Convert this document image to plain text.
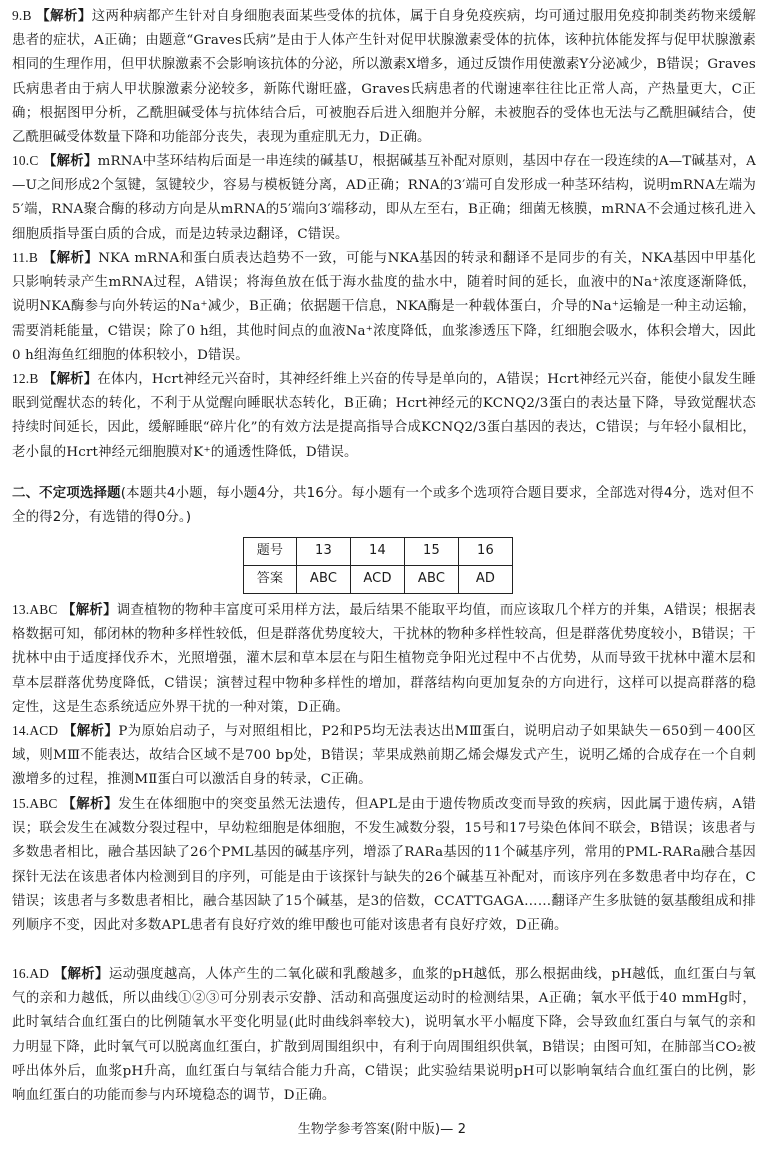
9.B 【解析】这两种病都产生针对自身细胞表面某些受体的抗体，属于自身免疫疾病，均可通过服用免疫抑制类药物来缓解患者的症状，A正确；由题意“Graves氏病”是由于人体产生针对促甲状腺激素受体的抗体，该种抗体能发挥与促甲状腺激素相同的生理作用，但甲状腺激素不会影响该抗体的分泌，所以激素X增多，通过反馈作用使激素Y分泌减少，B错误；Graves氏病患者由于病人甲状腺激素分泌较多，新陈代谢旺盛，Graves氏病患者的代谢速率往往比正常人高，产热量更大，C正确；根据图甲分析，乙酰胆碱受体与抗体结合后，可被胞吞后进入细胞并分解，未被胞吞的受体也无法与乙酰胆碱结合，使乙酰胆碱受体数量下降和功能部分丧失，表现为重症肌无力，D正确。
10.C 【解析】mRNA中茎环结构后面是一串连续的碱基U，根据碱基互补配对原则，基因中存在一段连续的A—T碱基对，A—U之间形成2个氢键，氢键较少，容易与模板链分离，AD正确；RNA的3′端可自发形成一种茎环结构，说明mRNA左端为5′端，RNA聚合酶的移动方向是从mRNA的5′端向3′端移动，即从左至右，B正确；细菌无核膜，mRNA不会通过核孔进入细胞质指导蛋白质的合成，而是边转录边翻译，C错误。
11.B 【解析】NKA mRNA和蛋白质表达趋势不一致，可能与NKA基因的转录和翻译不是同步的有关，NKA基因中甲基化只影响转录产生mRNA过程，A错误；将海鱼放在低于海水盐度的盐水中，随着时间的延长，血液中的Na⁺浓度逐渐降低，说明NKA酶参与向外转运的Na⁺减少，B正确；依据题干信息，NKA酶是一种载体蛋白，介导的Na⁺运输是一种主动运输，需要消耗能量，C错误；除了0 h组，其他时间点的血液Na⁺浓度降低，血浆渗透压下降，红细胞会吸水，体积会增大，因此0 h组海鱼红细胞的体积较小，D错误。
12.B 【解析】在体内，Hcrt神经元兴奋时，其神经纤维上兴奋的传导是单向的，A错误；Hcrt神经元兴奋，能使小鼠发生睡眠到觉醒状态的转化，不利于从觉醒向睡眠状态转化，B正确；Hcrt神经元的KCNQ2/3蛋白的表达量下降，导致觉醒状态持续时间延长，因此，缓解睡眠“碎片化”的有效方法是提高指导合成KCNQ2/3蛋白基因的表达，C错误；与年轻小鼠相比，老小鼠的Hcrt神经元细胞膜对K⁺的通透性降低，D错误。
二、不定项选择题(本题共4小题，每小题4分，共16分。每小题有一个或多个选项符合题目要求，全部选对得4分，选对但不全的得2分，有选错的得0分。)
题号	13	14	15	16
答案	ABC	ACD	ABC	AD
13.ABC 【解析】调查植物的物种丰富度可采用样方法，最后结果不能取平均值，而应该取几个样方的并集，A错误；根据表格数据可知，郁闭林的物种多样性较低，但是群落优势度较大，干扰林的物种多样性较高，但是群落优势度较小，B错误；干扰林中由于适度择伐乔木，光照增强，灌木层和草本层在与阳生植物竞争阳光过程中不占优势，从而导致干扰林中灌木层和草本层群落优势度降低，C错误；演替过程中物种多样性的增加，群落结构向更加复杂的方向进行，这样可以提高群落的稳定性，这是生态系统适应外界干扰的一种对策，D正确。
14.ACD 【解析】P为原始启动子，与对照组相比，P2和P5均无法表达出MⅢ蛋白，说明启动子如果缺失－650到－400区域，则MⅢ不能表达，故结合区域不是700 bp处，B错误；苹果成熟前期乙烯会爆发式产生，说明乙烯的合成存在一个自刺激增多的过程，推测MⅡ蛋白可以激活自身的转录，C正确。
15.ABC 【解析】发生在体细胞中的突变虽然无法遗传，但APL是由于遗传物质改变而导致的疾病，因此属于遗传病，A错误；联会发生在减数分裂过程中，早幼粒细胞是体细胞，不发生减数分裂，15号和17号染色体间不联会，B错误；该患者与多数患者相比，融合基因缺了26个PML基因的碱基序列，增添了RARa基因的11个碱基序列，常用的PML-RARa融合基因探针无法在该患者体内检测到目的序列，可能是由于该探针与缺失的26个碱基互补配对，而该序列在多数患者中均存在，C错误；该患者与多数患者相比，融合基因缺了15个碱基，是3的倍数，CCATTGAGA……翻译产生多肽链的氨基酸组成和排列顺序不变，因此对多数APL患者有良好疗效的维甲酸也可能对该患者有良好疗效，D正确。
16.AD 【解析】运动强度越高，人体产生的二氧化碳和乳酸越多，血浆的pH越低，那么根据曲线，pH越低，血红蛋白与氧气的亲和力越低，所以曲线①②③可分别表示安静、活动和高强度运动时的检测结果，A正确；氧水平低于40 mmHg时，此时氧结合血红蛋白的比例随氧水平变化明显(此时曲线斜率较大)，说明氧水平小幅度下降，会导致血红蛋白与氧气的亲和力明显下降，此时氧气可以脱离血红蛋白，扩散到周围组织中，有利于向周围组织供氧，B错误；由图可知，在肺部当CO₂被呼出体外后，血浆pH升高，血红蛋白与氧结合能力升高，C错误；此实验结果说明pH可以影响氧结合血红蛋白的比例，影响血红蛋白的功能而参与内环境稳态的调节，D正确。
生物学参考答案(附中版)— 2
